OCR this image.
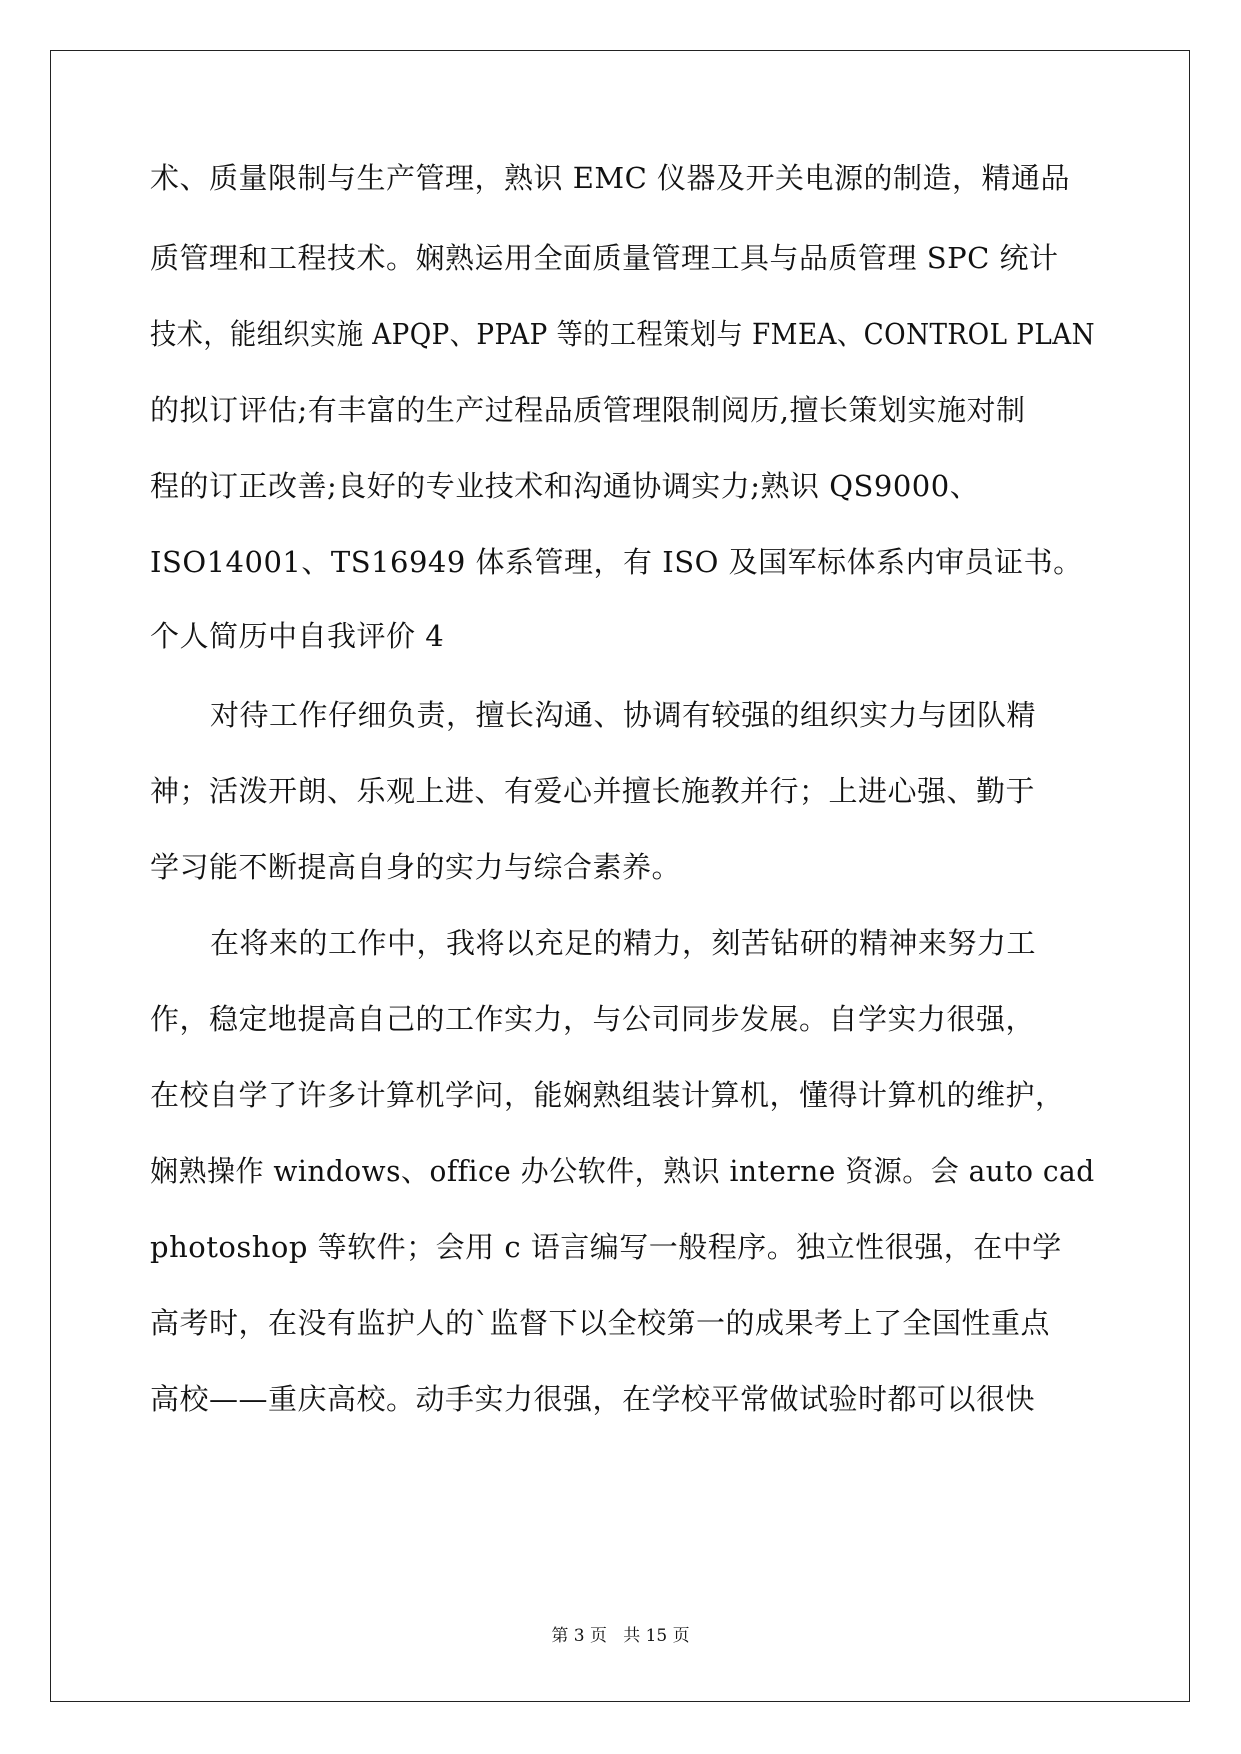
术、质量限制与生产管理，熟识 EMC 仪器及开关电源的制造，精通品
质管理和工程技术。娴熟运用全面质量管理工具与品质管理 SPC 统计
技术，能组织实施 APQP、PPAP 等的工程策划与 FMEA、CONTROL PLAN
的拟订评估;有丰富的生产过程品质管理限制阅历,擅长策划实施对制
程的订正改善;良好的专业技术和沟通协调实力;熟识 QS9000、
ISO14001、TS16949 体系管理，有 ISO 及国军标体系内审员证书。
个人简历中自我评价 4
对待工作仔细负责，擅长沟通、协调有较强的组织实力与团队精
神；活泼开朗、乐观上进、有爱心并擅长施教并行；上进心强、勤于
学习能不断提高自身的实力与综合素养。
在将来的工作中，我将以充足的精力，刻苦钻研的精神来努力工
作，稳定地提高自己的工作实力，与公司同步发展。自学实力很强，
在校自学了许多计算机学问，能娴熟组装计算机，懂得计算机的维护，
娴熟操作 windows、office 办公软件，熟识 interne 资源。会 auto cad
photoshop 等软件；会用 c 语言编写一般程序。独立性很强，在中学
高考时，在没有监护人的`监督下以全校第一的成果考上了全国性重点
高校——重庆高校。动手实力很强，在学校平常做试验时都可以很快
第 3 页   共 15 页
